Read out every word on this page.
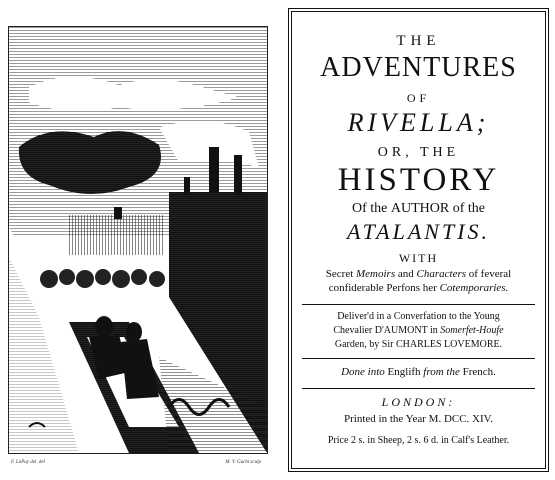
F. LaPuy del. del	M. V. Gucht sculp
THE
ADVENTURES
OF
RIVELLA;
OR, THE
HISTORY
Of the AUTHOR of the
ATALANTIS.
WITH
Secret Memoirs and Characters of feveral
confiderable Perfons her Cotemporaries.
Deliver'd in a Converfation to the Young
Chevalier D'AUMONT in Somerfet-Houfe
Garden, by Sir CHARLES LOVEMORE.
Done into Englifh from the French.
LONDON:
Printed in the Year M. DCC. XIV.
Price 2 s. in Sheep, 2 s. 6 d. in Calf's Leather.
